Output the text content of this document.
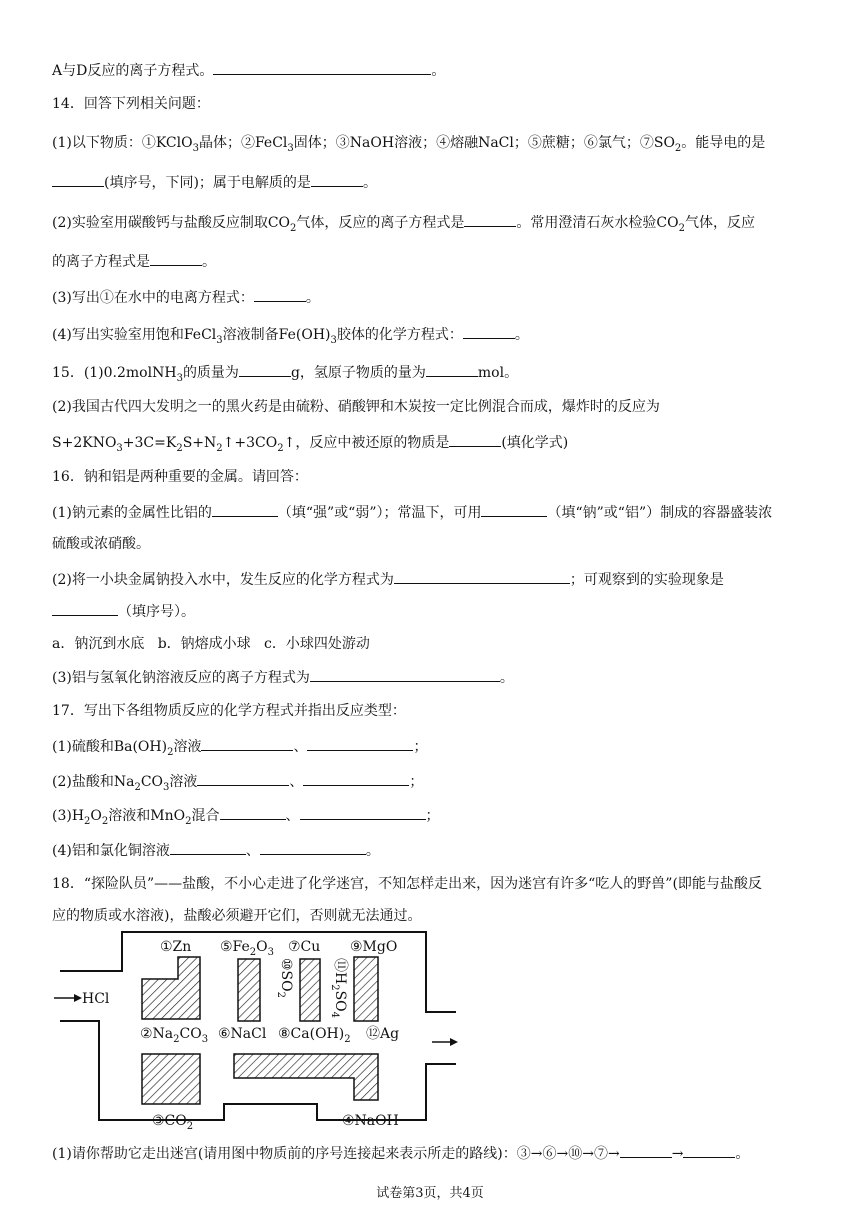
A与D反应的离子方程式。	。
14．回答下列相关问题：
(1)以下物质：①KClO$_3$晶体；②FeCl$_3$固体；③NaOH溶液；④熔融NaCl；⑤蔗糖；⑥氯气；$⑦SO_2$。能导电的是
(填序号，下同)；属于电解质的是	。
(2)实验室用碳酸钙与盐酸反应制取$CO_2$气体，反应的离子方程式是	。常用澄清石灰水检验$CO_2$气体，反应
的离子方程式是	。
(3)写出①在水中的电离方程式：	。
(4)写出实验室用饱和FeCl$_3$溶液制备$Fe(OH)_3$胶体的化学方程式：	。
15．(1)0.2molNH$_3$的质量为	g，氢原子物质的量为	mol。
(2)我国古代四大发明之一的黑火药是由硫粉、硝酸钾和木炭按一定比例混合而成，爆炸时的反应为
$S+2KNO_3+3C=K_2S+N_2↑+3CO_2↑$，反应中被还原的物质是	(填化学式)
16．钠和铝是两种重要的金属。请回答：
(1)钠元素的金属性比铝的	（填“强”或“弱”）；常温下，可用	（填“钠”或“铝”）制成的容器盛装浓
硫酸或浓硝酸。
(2)将一小块金属钠投入水中，发生反应的化学方程式为	；可观察到的实验现象是
（填序号）。
a．钠沉到水底   b．钠熔成小球   c．小球四处游动
(3)铝与氢氧化钠溶液反应的离子方程式为	。
17．写出下各组物质反应的化学方程式并指出反应类型：
(1)硫酸和$Ba(OH)_2$溶液	、	；
(2)盐酸和$Na_2CO_3$溶液	、	；
$(3)H_2O_2$溶液和MnO$_2$混合	、	；
(4)铝和氯化铜溶液	、	。
18．“探险队员”——盐酸，不小心走进了化学迷宫，不知怎样走出来，因为迷宫有许多“吃人的野兽”(即能与盐酸反
应的物质或水溶液)，盐酸必须避开它们，否则就无法通过。
HCl
①Zn $⑤Fe_2O_3$ ⑦Cu ⑨MgO
$⑩SO_2$
$⑪H_2SO_4$
$②Na_2CO_3$ ⑥NaCl $⑧Ca(OH)_2$ ⑫Ag
$③CO_2$	④NaOH
(1)请你帮助它走出迷宫(请用图中物质前的序号连接起来表示所走的路线)：③→⑥→⑩→⑦→	→	。
试卷第3页，共4页
